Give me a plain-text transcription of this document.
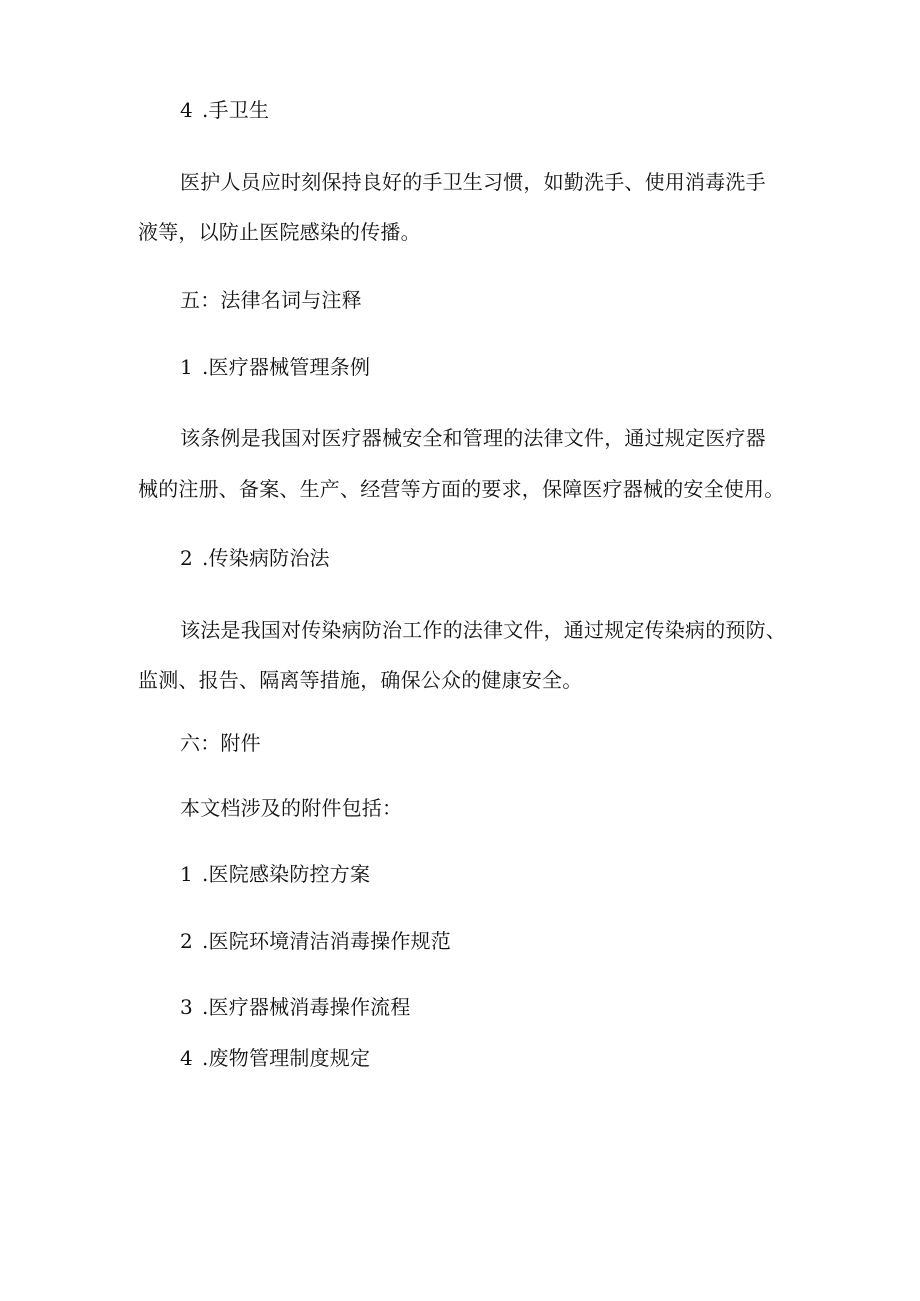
4 .手卫生
医护人员应时刻保持良好的手卫生习惯，如勤洗手、使用消毒洗手
液等，以防止医院感染的传播。
五：法律名词与注释
1 .医疗器械管理条例
该条例是我国对医疗器械安全和管理的法律文件，通过规定医疗器
械的注册、备案、生产、经营等方面的要求，保障医疗器械的安全使用。
2 .传染病防治法
该法是我国对传染病防治工作的法律文件，通过规定传染病的预防、
监测、报告、隔离等措施，确保公众的健康安全。
六：附件
本文档涉及的附件包括：
1 .医院感染防控方案
2 .医院环境清洁消毒操作规范
3 .医疗器械消毒操作流程
4 .废物管理制度规定
